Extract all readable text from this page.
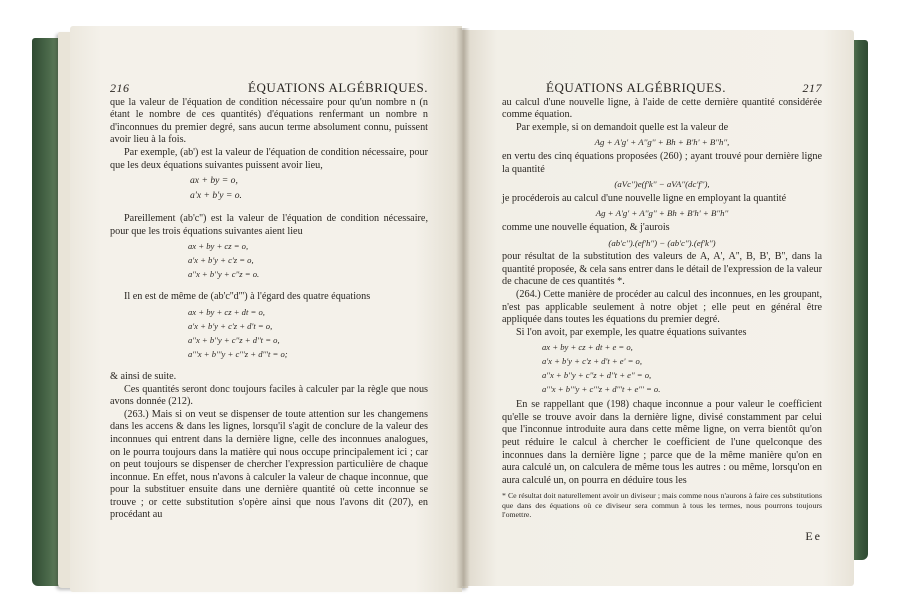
216	ÉQUATIONS ALGÉBRIQUES.

que la valeur de l'équation de condition nécessaire pour qu'un nombre n (n étant le nombre de ces quantités) d'équations renfermant un nombre n d'inconnues du premier degré, sans aucun terme absolument connu, puissent avoir lieu à la fois.

Par exemple, (ab') est la valeur de l'équation de condition nécessaire, pour que les deux équations suivantes puissent avoir lieu,

ax + by = o,
a'x + b'y = o.

Pareillement (ab'c'') est la valeur de l'équation de condition nécessaire, pour que les trois équations suivantes aient lieu

ax + by + cz = o,
a'x + b'y + c'z = o,
a''x + b''y + c''z = o.

Il en est de même de (ab'c''d''') à l'égard des quatre équations

ax + by + cz + dt = o,
a'x + b'y + c'z + d't = o,
a''x + b''y + c''z + d''t = o,
a'''x + b'''y + c'''z + d'''t = o;

& ainsi de suite.

Ces quantités seront donc toujours faciles à calculer par la règle que nous avons donnée (212).

(263.) Mais si on veut se dispenser de toute attention sur les changemens dans les accens & dans les lignes, lorsqu'il s'agit de conclure de la valeur des inconnues qui entrent dans la dernière ligne, celle des inconnues analogues, on le pourra toujours dans la matière qui nous occupe principalement ici ; car on peut toujours se dispenser de chercher l'expression particulière de chaque inconnue. En effet, nous n'avons à calculer la valeur de chaque inconnue, que pour la substituer ensuite dans une dernière quantité où cette inconnue se trouve ; or cette substitution s'opère ainsi que nous l'avons dit (207), en procédant au

ÉQUATIONS ALGÉBRIQUES.	217

au calcul d'une nouvelle ligne, à l'aide de cette dernière quantité considérée comme équation.

Par exemple, si on demandoit quelle est la valeur de

Ag + A'g' + A''g'' + Bh + B'h' + B''h'',

en vertu des cinq équations proposées (260) ; ayant trouvé pour dernière ligne la quantité

(aVc'')e(f'k'' − aVA''(dc'f''),

je procéderois au calcul d'une nouvelle ligne en employant la quantité

Ag + A'g' + A''g'' + Bh + B'h' + B''h''

comme une nouvelle équation, & j'aurois

(ab'c'').(ef'h'') − (ab'c'').(ef'k'')

pour résultat de la substitution des valeurs de A, A', A'', B, B', B'', dans la quantité proposée, & cela sans entrer dans le détail de l'expression de la valeur de chacune de ces quantités *.

(264.) Cette manière de procéder au calcul des inconnues, en les groupant, n'est pas applicable seulement à notre objet ; elle peut en général être appliquée dans toutes les équations du premier degré.

Si l'on avoit, par exemple, les quatre équations suivantes

ax + by + cz + dt + e = o,
a'x + b'y + c'z + d't + e' = o,
a''x + b''y + c''z + d''t + e'' = o,
a'''x + b'''y + c'''z + d'''t + e''' = o.

En se rappellant que (198) chaque inconnue a pour valeur le coefficient qu'elle se trouve avoir dans la dernière ligne, divisé constamment par celui que l'inconnue introduite aura dans cette même ligne, on verra bientôt qu'on peut réduire le calcul à chercher le coefficient de l'une quelconque des inconnues dans la dernière ligne ; parce que de la même manière qu'on en aura calculé un, on calculera de même tous les autres : ou même, lorsqu'on en aura calculé un, on pourra en déduire tous les

* Ce résultat doit naturellement avoir un diviseur ; mais comme nous n'aurons à faire ces substitutions que dans des équations où ce diviseur sera commun à tous les termes, nous pourrons toujours l'omettre.

Ee
